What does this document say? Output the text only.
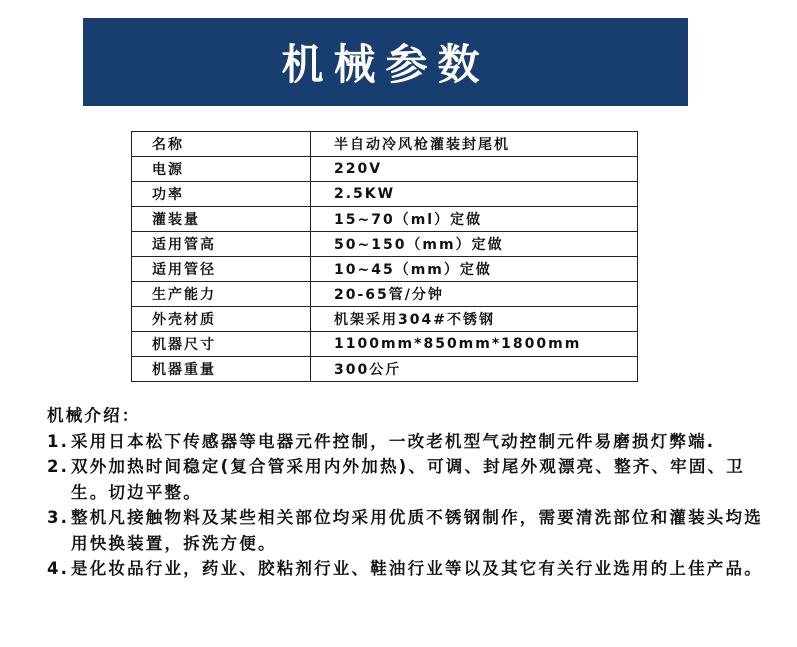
机械参数
名称	半自动冷风枪灌装封尾机
电源	220V
功率	2.5KW
灌装量	15~70（ml）定做
适用管高	50~150（mm）定做
适用管径	10~45（mm）定做
生产能力	20-65管/分钟
外壳材质	机架采用304#不锈钢
机器尺寸	1100mm*850mm*1800mm
机器重量	300公斤

机械介绍：

1. 采用日本松下传感器等电器元件控制，一改老机型气动控制元件易磨损灯弊端.
2. 双外加热时间稳定(复合管采用内外加热)、可调、封尾外观漂亮、整齐、牢固、卫生。切边平整。
3. 整机凡接触物料及某些相关部位均采用优质不锈钢制作，需要清洗部位和灌装头均选用快换装置，拆洗方便。
4. 是化妆品行业，药业、胶粘剂行业、鞋油行业等以及其它有关行业选用的上佳产品。
